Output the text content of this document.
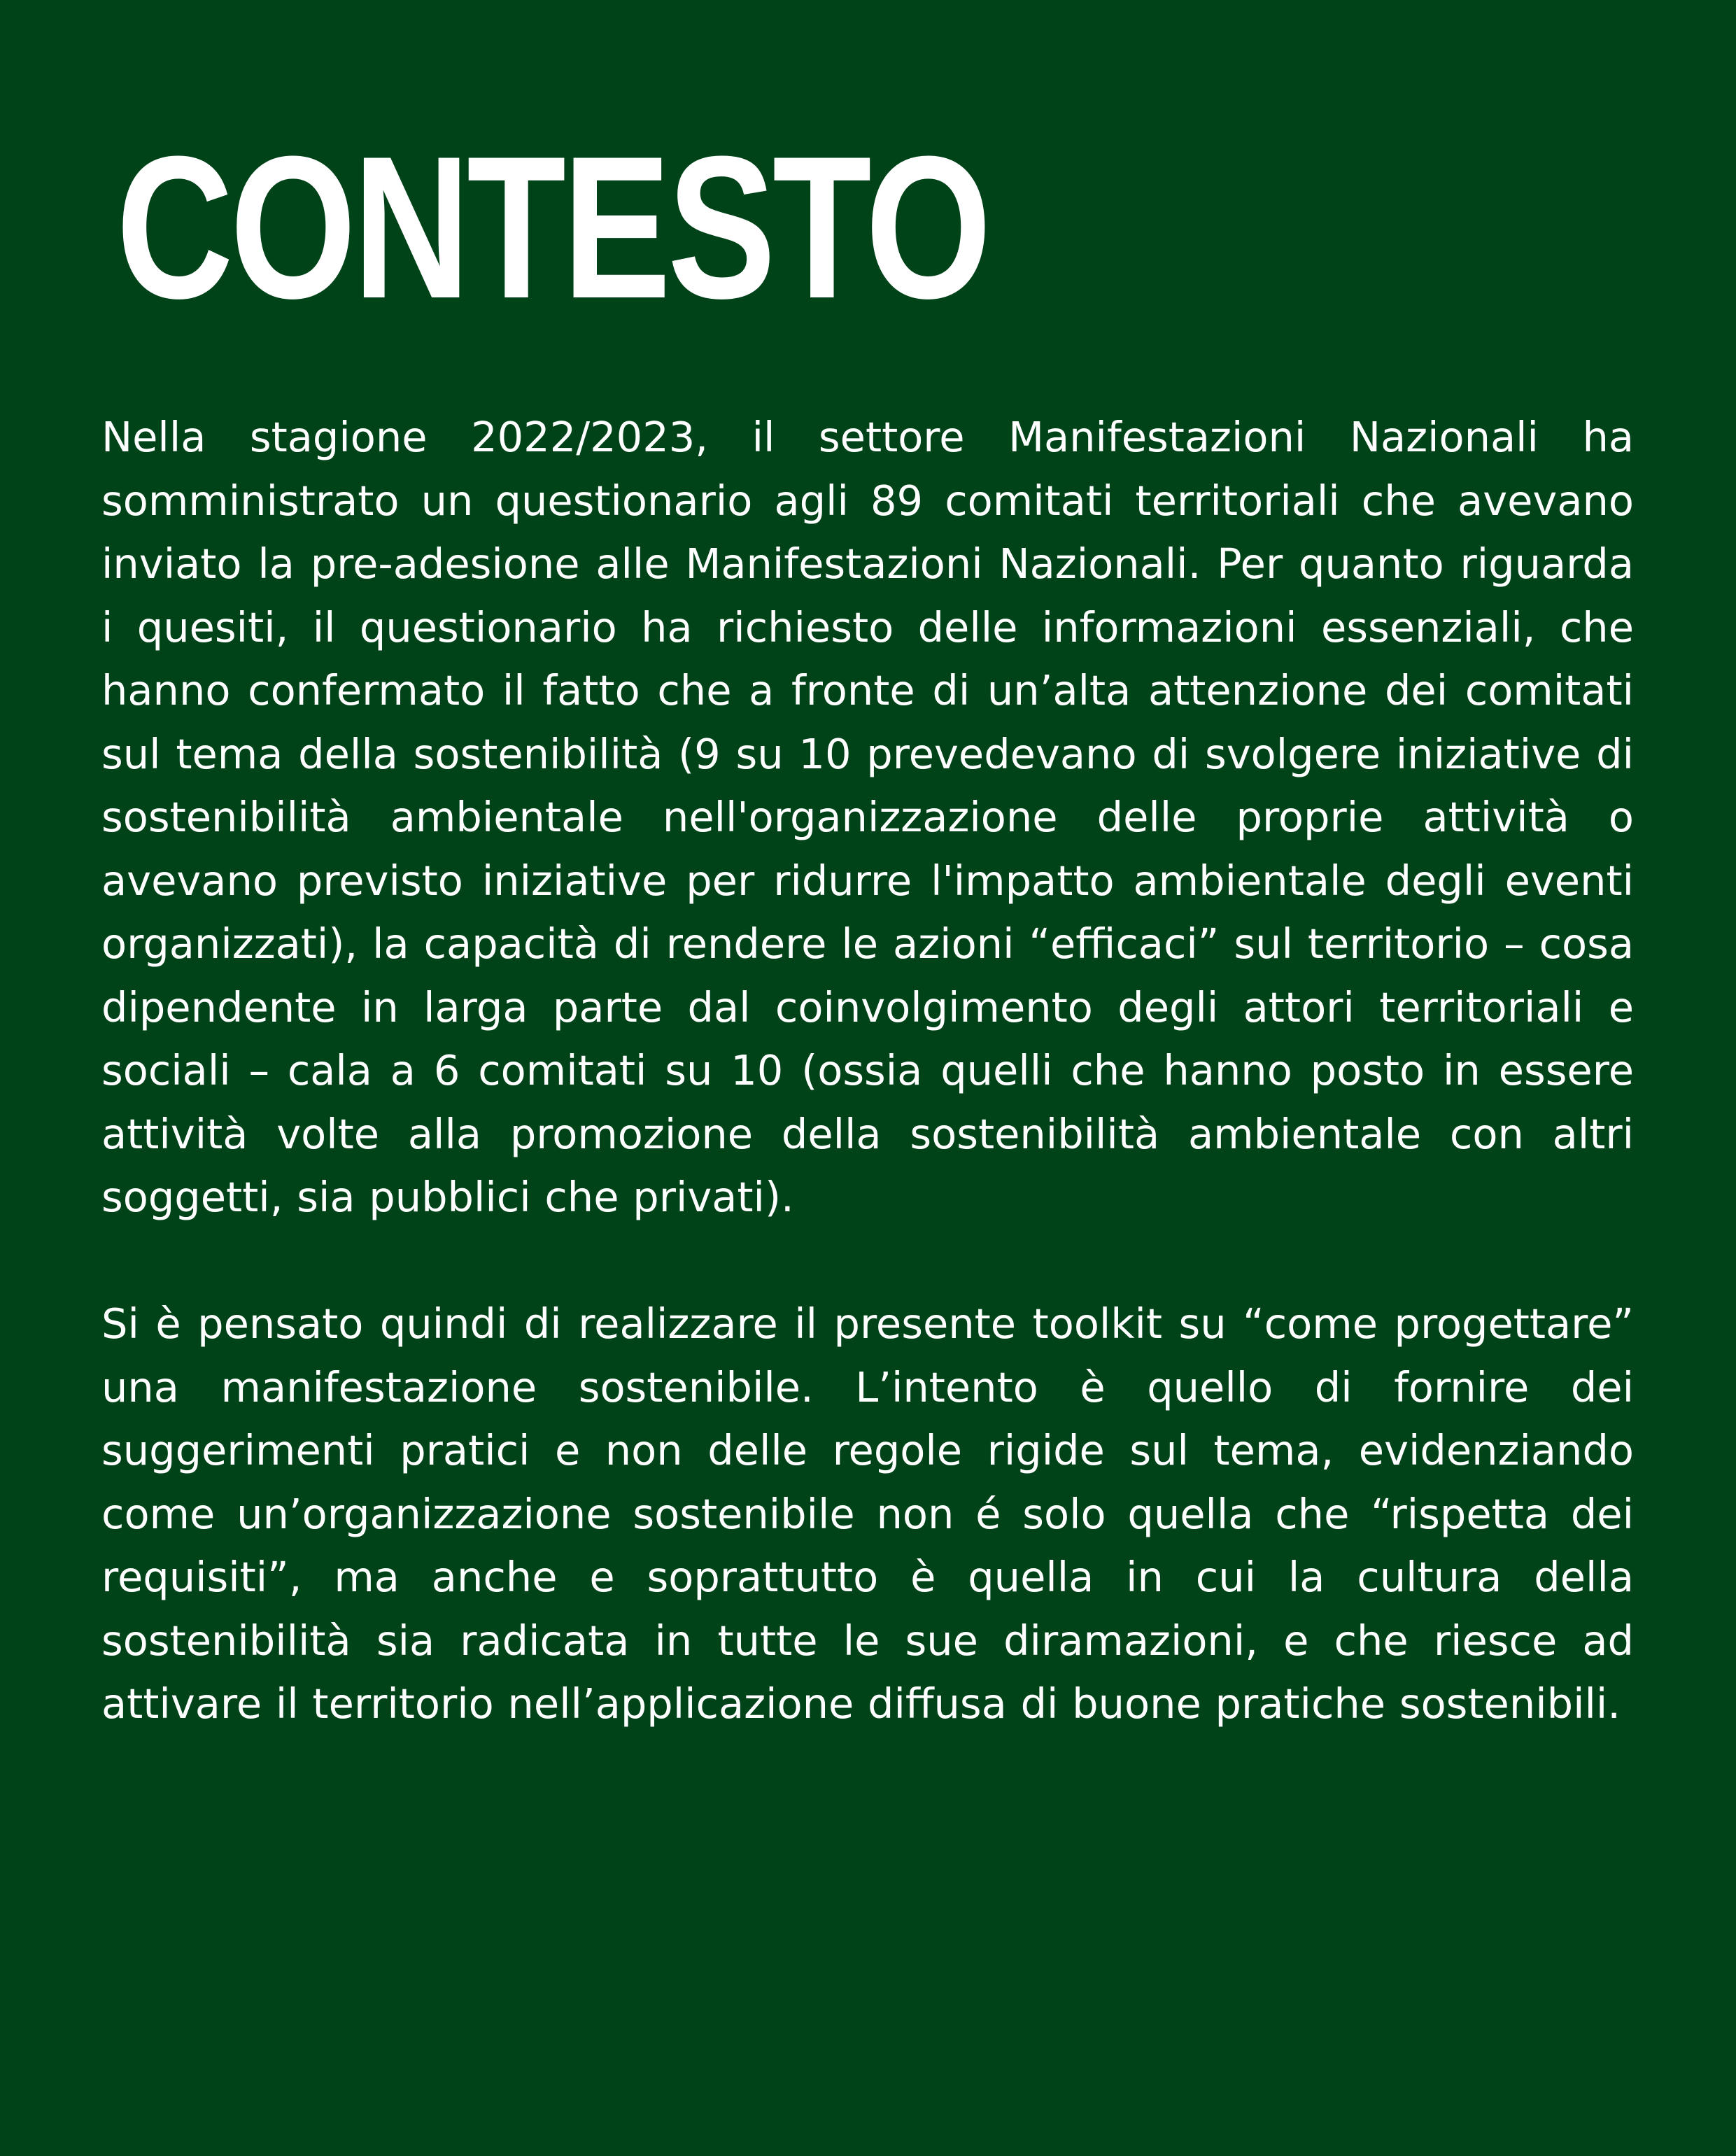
CONTESTO

Nella stagione 2022/2023, il settore Manifestazioni Nazionali ha somministrato un questionario agli 89 comitati territoriali che avevano inviato la pre-adesione alle Manifestazioni Nazionali. Per quanto riguarda i quesiti, il questionario ha richiesto delle informazioni essenziali, che hanno confermato il fatto che a fronte di un’alta attenzione dei comitati sul tema della sostenibilità (9 su 10 prevedevano di svolgere iniziative di sostenibilità ambientale nell'organizzazione delle proprie attività o avevano previsto iniziative per ridurre l'impatto ambientale degli eventi organizzati), la capacità di rendere le azioni “efficaci” sul territorio – cosa dipendente in larga parte dal coinvolgimento degli attori territoriali e sociali – cala a 6 comitati su 10 (ossia quelli che hanno posto in essere attività volte alla promozione della sostenibilità ambientale con altri soggetti, sia pubblici che privati).

Si è pensato quindi di realizzare il presente toolkit su “come progettare” una manifestazione sostenibile. L’intento è quello di fornire dei suggerimenti pratici e non delle regole rigide sul tema, evidenziando come un’organizzazione sostenibile non é solo quella che “rispetta dei requisiti”, ma anche e soprattutto è quella in cui la cultura della sostenibilità sia radicata in tutte le sue diramazioni, e che riesce ad attivare il territorio nell’applicazione diffusa di buone pratiche sostenibili.
